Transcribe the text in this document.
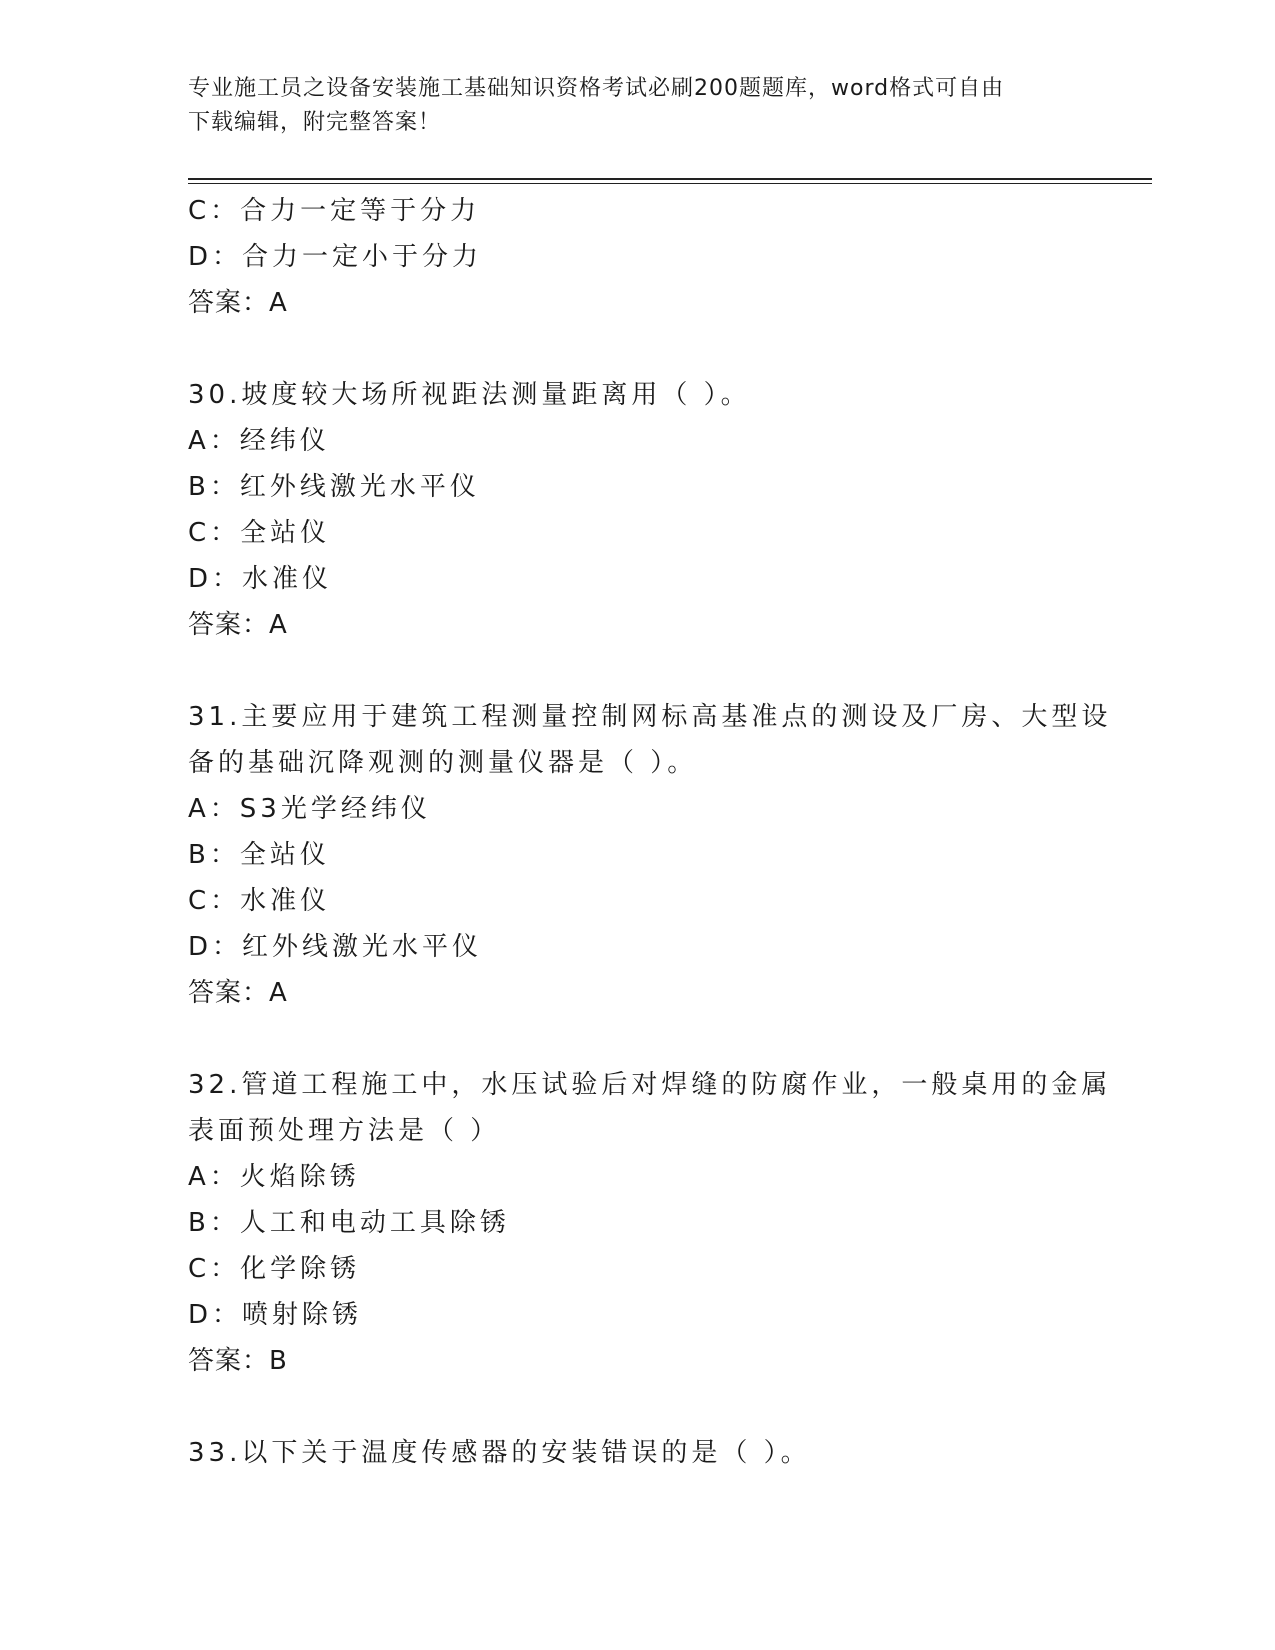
专业施工员之设备安装施工基础知识资格考试必刷200题题库，word格式可自由
下载编辑，附完整答案！
C：合力一定等于分力
D：合力一定小于分力
答案：A
30.坡度较大场所视距法测量距离用（ ）。
A：经纬仪
B：红外线激光水平仪
C：全站仪
D：水准仪
答案：A
31.主要应用于建筑工程测量控制网标高基准点的测设及厂房、大型设
备的基础沉降观测的测量仪器是（ ）。
A：S3光学经纬仪
B：全站仪
C：水准仪
D：红外线激光水平仪
答案：A
32.管道工程施工中，水压试验后对焊缝的防腐作业，一般桌用的金属
表面预处理方法是（ ）
A：火焰除锈
B：人工和电动工具除锈
C：化学除锈
D：喷射除锈
答案：B
33.以下关于温度传感器的安装错误的是（ ）。
